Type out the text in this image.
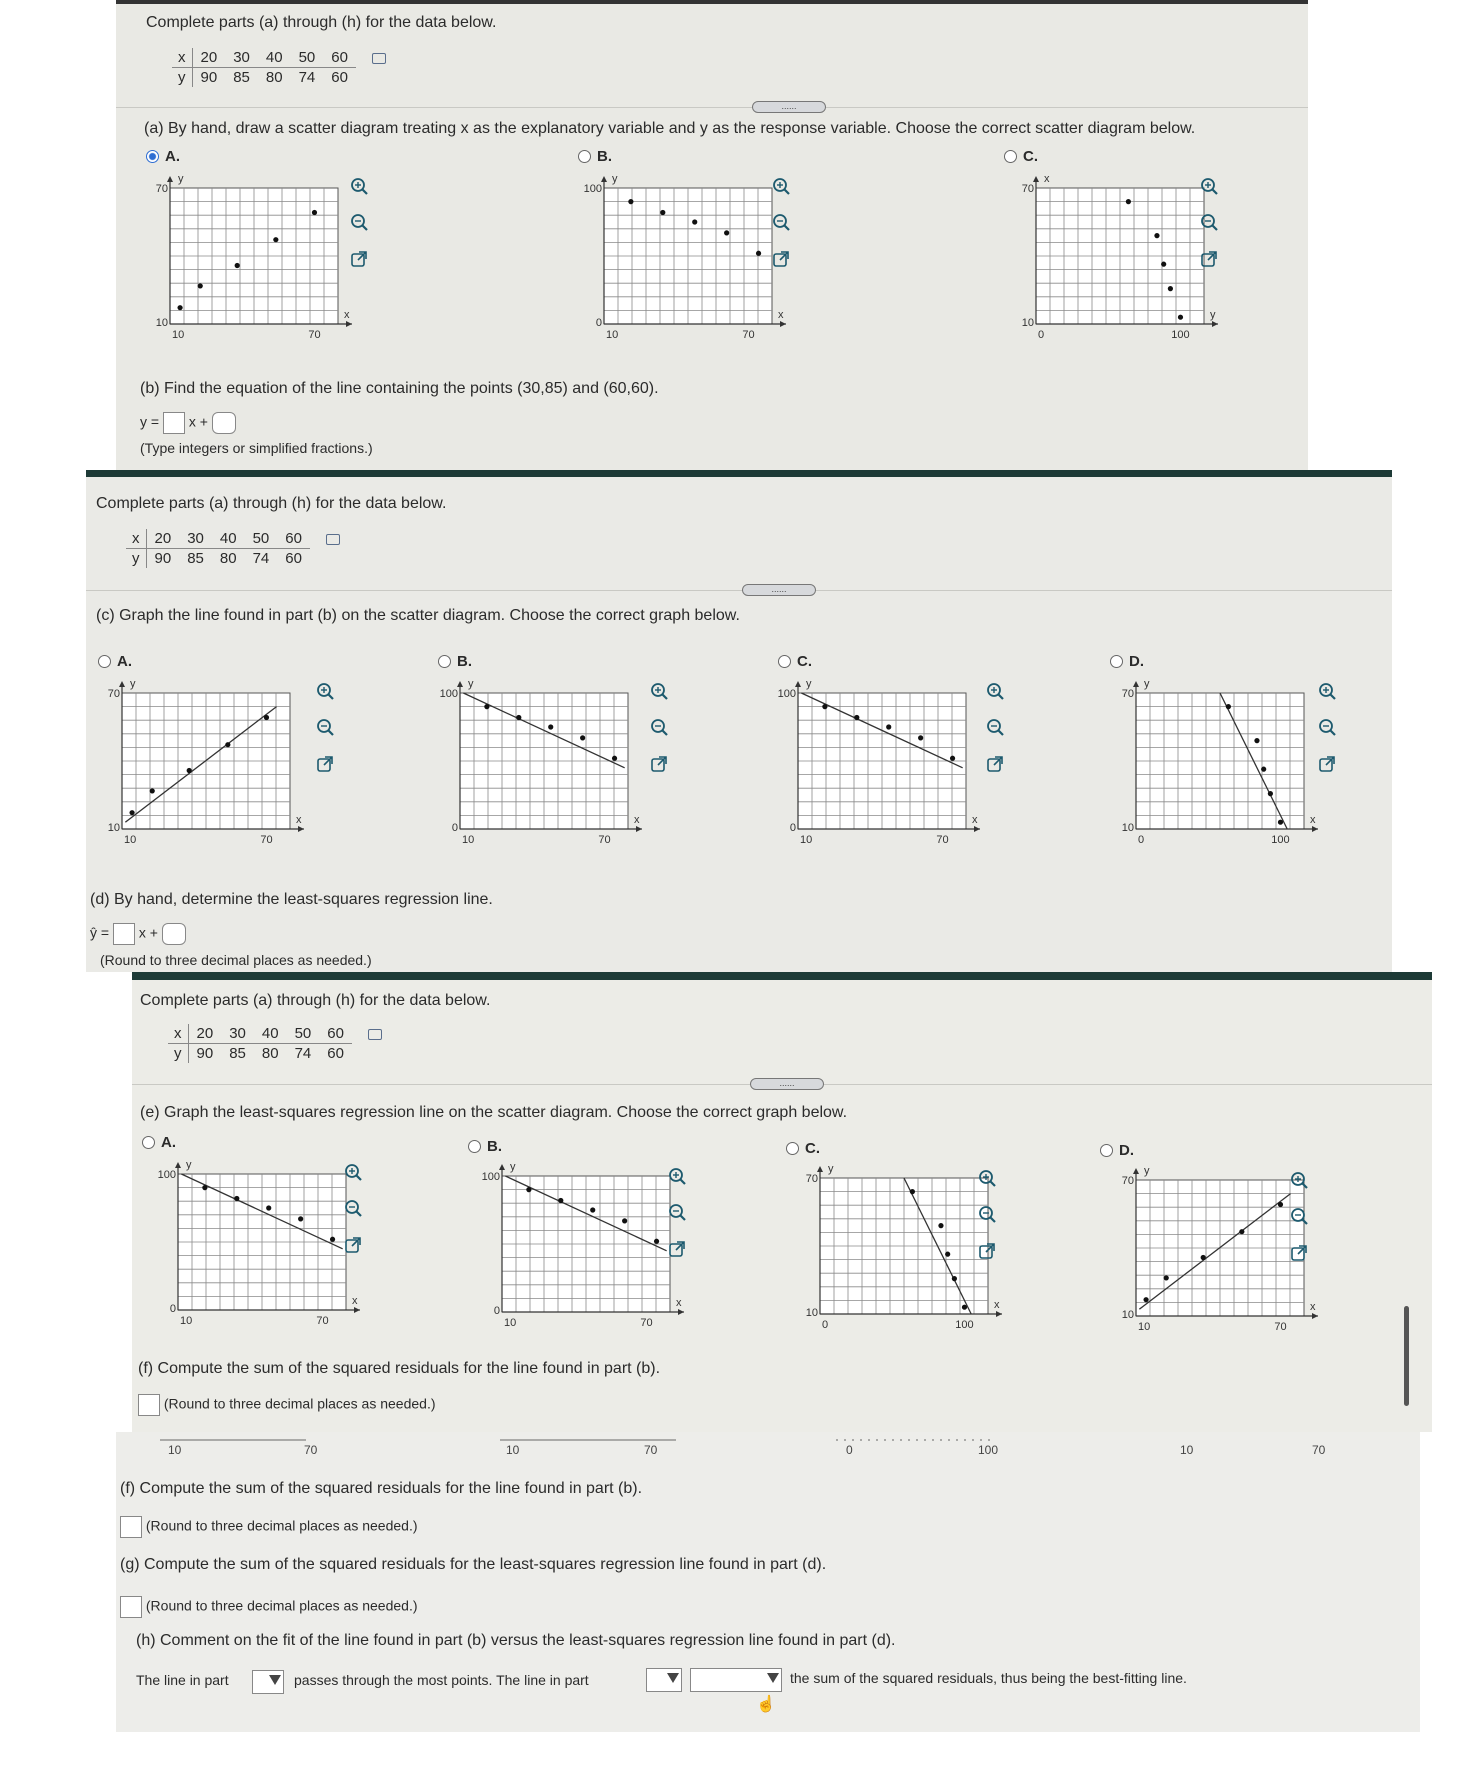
Complete parts (a) through (h) for the data below.
x	20	30	40	50	60	
y	90	85	80	74	60	
......
(a) By hand, draw a scatter diagram treating x as the explanatory variable and y as the response variable. Choose the correct scatter diagram below.
A.	B.	C.
70
10
10	70
x
y
100
0
10	70
x
y
70
10
0	100
y
x
(b) Find the equation of the line containing the points (30,85) and (60,60).
y = x +
(Type integers or simplified fractions.)
Complete parts (a) through (h) for the data below.
x	20	30	40	50	60	
y	90	85	80	74	60	
......
(c) Graph the line found in part (b) on the scatter diagram. Choose the correct graph below.
A.	B.	C.	D.
70
10
10	70
x
y
100
0
10	70
x
y
100
0
10	70
x
y
70
10
0	100
x
y
(d) By hand, determine the least-squares regression line.
ŷ = x +
(Round to three decimal places as needed.)
Complete parts (a) through (h) for the data below.
x	20	30	40	50	60	
y	90	85	80	74	60	
......
(e) Graph the least-squares regression line on the scatter diagram. Choose the correct graph below.
A.	B.	C.	D.
100
0
10	70
x
y
100
0
10	70
x
y
70
10
0	100
x
y
70
10
10	70
x
y
(f) Compute the sum of the squared residuals for the line found in part (b).
(Round to three decimal places as needed.)
10	70	10	70	0	100	10	70
(f) Compute the sum of the squared residuals for the line found in part (b).
(Round to three decimal places as needed.)
(g) Compute the sum of the squared residuals for the least-squares regression line found in part (d).
(Round to three decimal places as needed.)
(h) Comment on the fit of the line found in part (b) versus the least-squares regression line found in part (d).
The line in part	passes through the most points. The line in part	the sum of the squared residuals, thus being the best-fitting line.
☝
